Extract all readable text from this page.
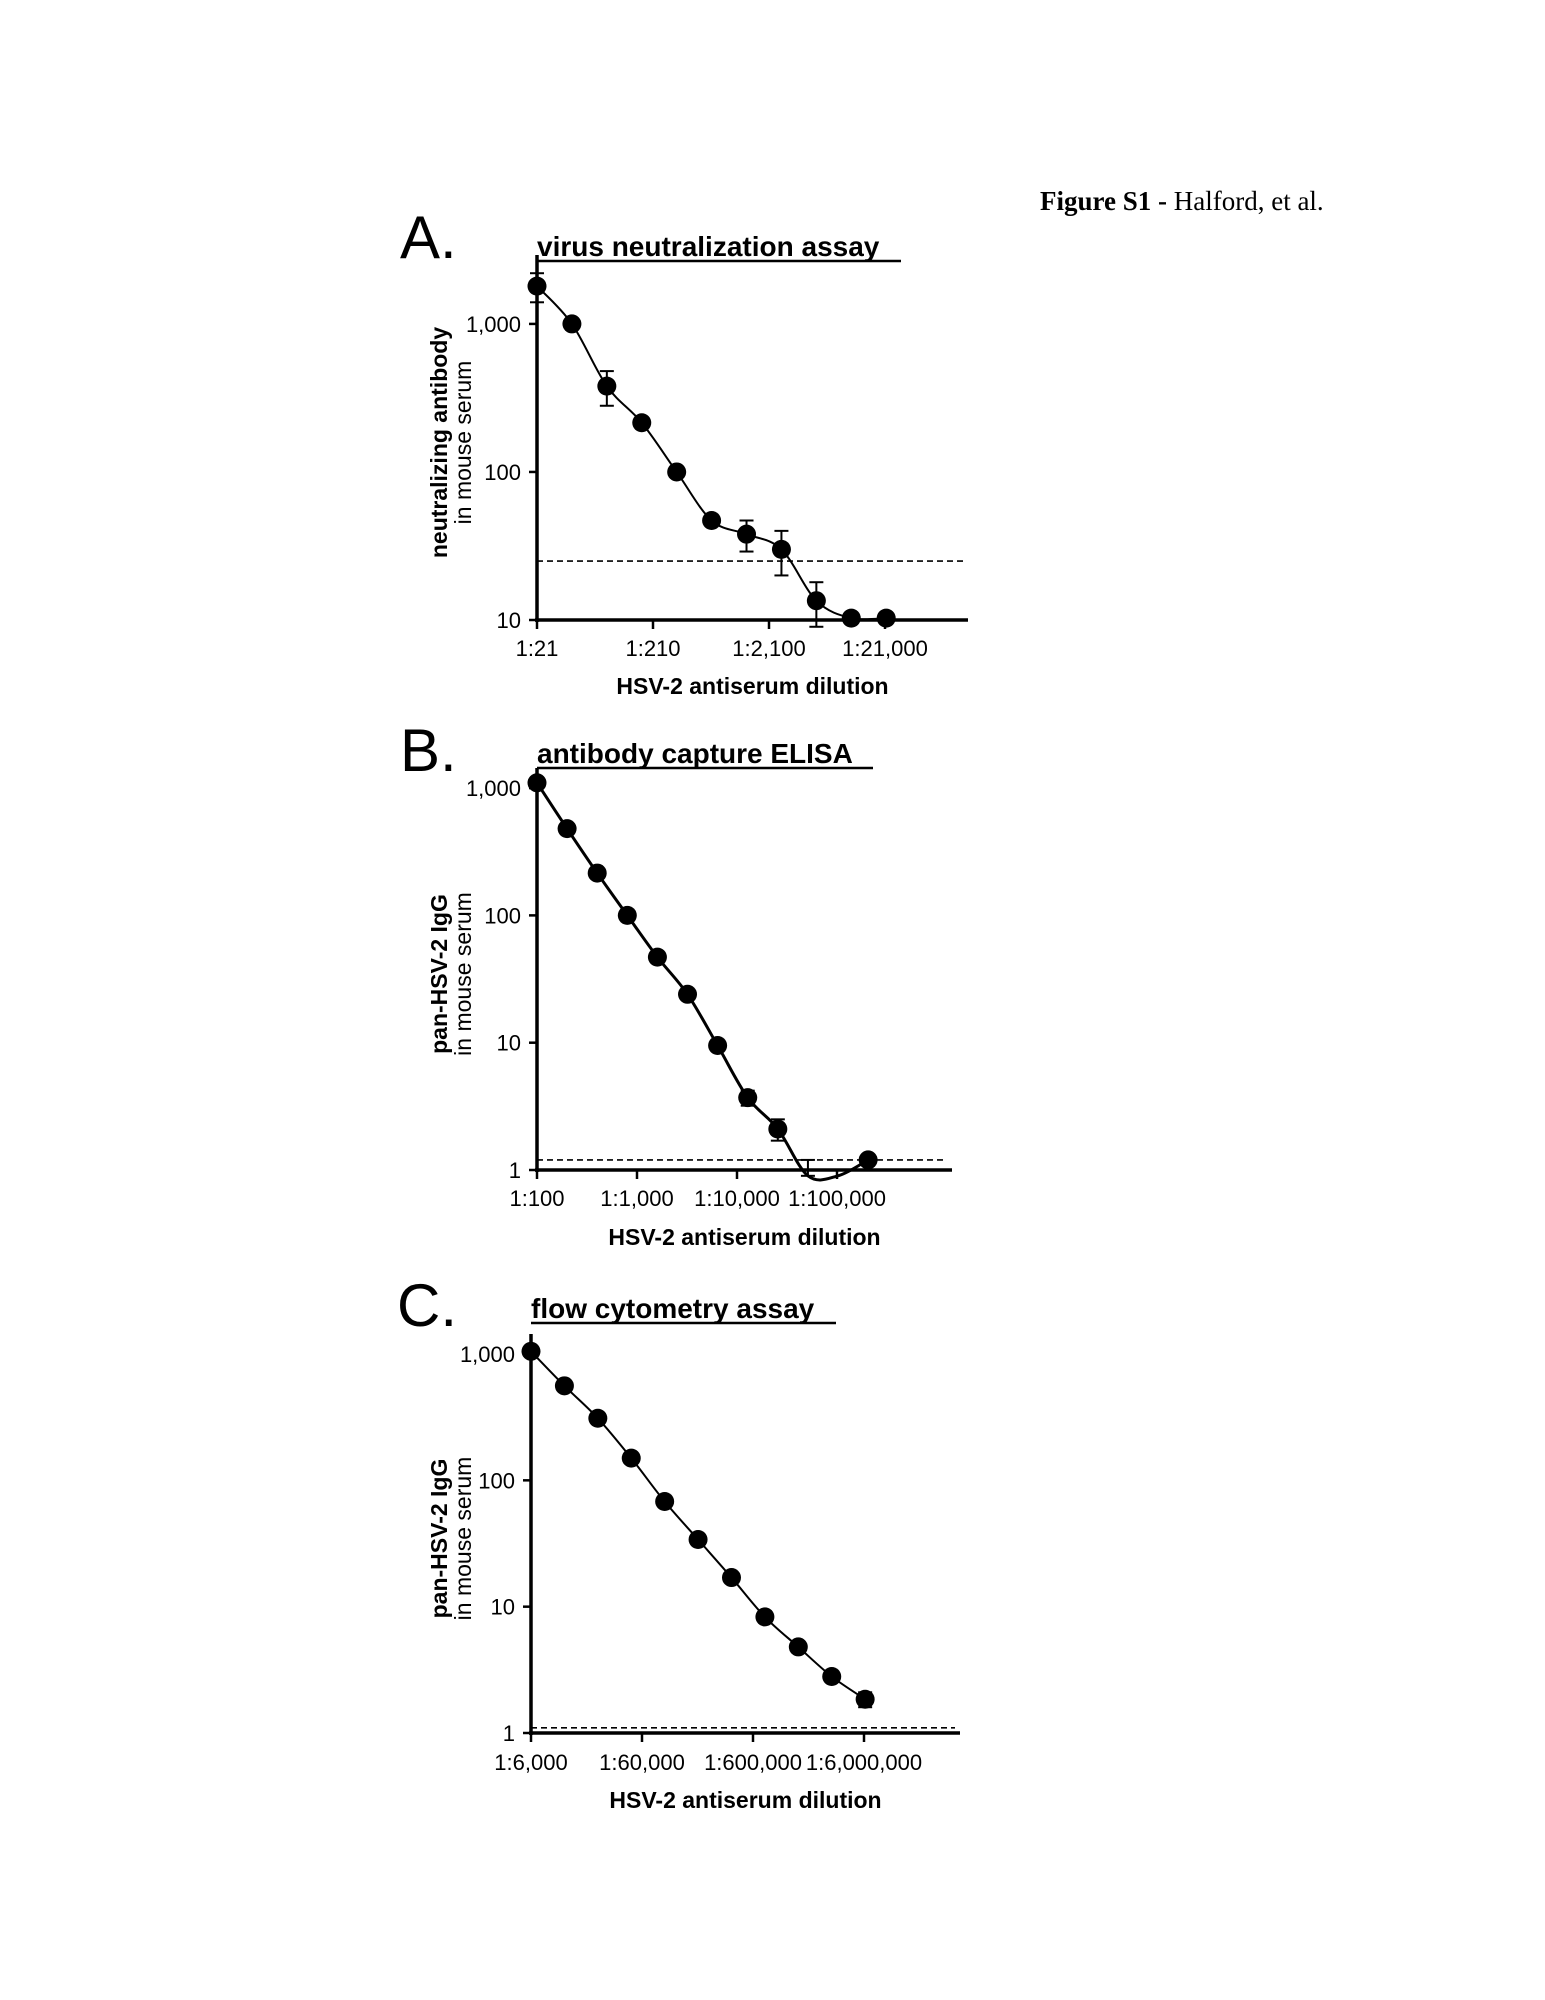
Figure S1 - Halford, et al.
A.	virus neutralization assay
10
100
1,000
1:21	1:210 1:2,100 1:21,000
HSV-2 antiserum dilution
neutralizing antibody
in mouse serum
B.	antibody capture ELISA
1
10
100
1,000
1:100 1:1,000 1:10,000 1:100,000
HSV-2 antiserum dilution
pan-HSV-2 IgG
in mouse serum
C.	flow cytometry assay
1
10
100
1,000
1:6,000 1:60,000 1:600,000 1:6,000,000
HSV-2 antiserum dilution
pan-HSV-2 IgG
in mouse serum
